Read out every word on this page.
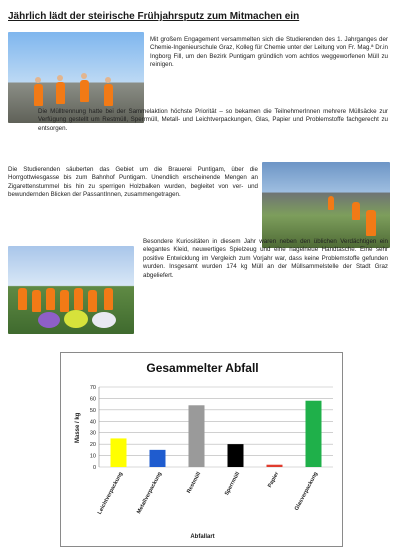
Jährlich lädt der steirische Frühjahrsputz zum Mitmachen ein
Mit großem Engagement versammelten sich die Studierenden des 1. Jahrganges der Chemie-Ingenieurschule Graz, Kolleg für Chemie unter der Leitung von Fr. Mag.ª Dr.in Ingborg Fill, um den Bezirk Puntigam gründlich vom achtlos weggeworfenen Müll zu reinigen.
Die Mülltrennung hatte bei der Sammelaktion höchste Priorität – so bekamen die TeilnehmerInnen mehrere Müllsäcke zur Verfügung gestellt um Restmüll, Sperrmüll, Metall- und Leichtverpackungen, Glas, Papier und Problemstoffe fachgerecht zu entsorgen.
Die Studierenden säuberten das Gebiet um die Brauerei Puntigam, über die Horrgottwiesgasse bis zum Bahnhof Puntigam. Unendlich erscheinende Mengen an Zigarettenstummel bis hin zu sperrigen Holzbalken wurden, begleitet von ver- und bewundernden Blicken der PassantInnen, zusammengetragen.
Besondere Kuriositäten in diesem Jahr waren neben den üblichen Verdächtigen ein elegantes Kleid, neuwertiges Spielzeug und eine nagelneue Handtasche. Eine sehr positive Entwicklung im Vergleich zum Vorjahr war, dass keine Problemstoffe gefunden wurden. Insgesamt wurden 174 kg Müll an der Müllsammelstelle der Stadt Graz abgeliefert.
Gesammelter Abfall
Masse / kg
0
10
20
30
40
50
60
70
Leichtverpackung Metallverpackung	Restmüll	Sperrmüll	Papier Glasverpackung
Abfallart
